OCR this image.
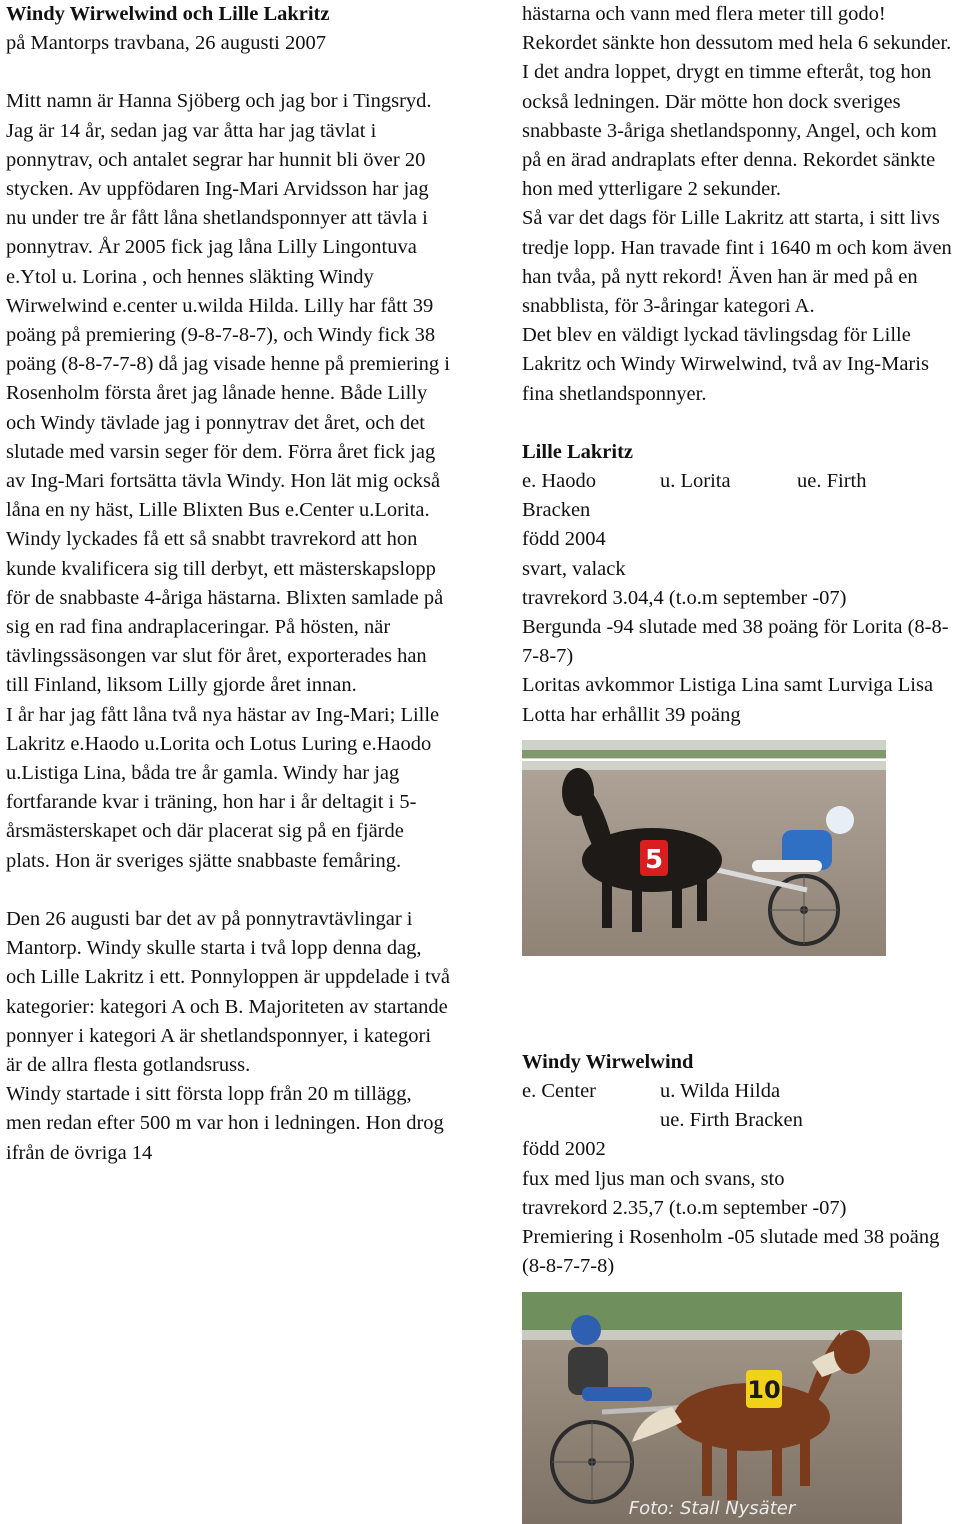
Windy Wirwelwind och Lille Lakritz

på Mantorps travbana, 26 augusti 2007

Mitt namn är Hanna Sjöberg och jag bor i Tingsryd. Jag är 14 år, sedan jag var åtta har jag tävlat i ponnytrav, och antalet segrar har hunnit bli över 20 stycken. Av uppfödaren Ing-Mari Arvidsson har jag nu under tre år fått låna shetlandsponnyer att tävla i ponnytrav. År 2005 fick jag låna Lilly Lingontuva e.Ytol u. Lorina , och hennes släkting Windy Wirwelwind e.center u.wilda Hilda. Lilly har fått 39 poäng på premiering (9-8-7-8-7), och Windy fick 38 poäng (8-8-7-7-8) då jag visade henne på premiering i Rosenholm första året jag lånade henne. Både Lilly och Windy tävlade jag i ponnytrav det året, och det slutade med varsin seger för dem. Förra året fick jag av Ing-Mari fortsätta tävla Windy. Hon lät mig också låna en ny häst, Lille Blixten Bus e.Center u.Lorita. Windy lyckades få ett så snabbt travrekord att hon kunde kvalificera sig till derbyt, ett mästerskapslopp för de snabbaste 4-åriga hästarna. Blixten samlade på sig en rad fina andraplaceringar. På hösten, när tävlingssäsongen var slut för året, exporterades han till Finland, liksom Lilly gjorde året innan.

I år har jag fått låna två nya hästar av Ing-Mari; Lille Lakritz e.Haodo u.Lorita och Lotus Luring e.Haodo u.Listiga Lina, båda tre år gamla. Windy har jag fortfarande kvar i träning, hon har i år deltagit i 5-årsmästerskapet och där placerat sig på en fjärde plats. Hon är sveriges sjätte snabbaste femåring.

Den 26 augusti bar det av på ponnytravtävlingar i Mantorp. Windy skulle starta i två lopp denna dag, och Lille Lakritz i ett. Ponnyloppen är uppdelade i två kategorier: kategori A och B. Majoriteten av startande ponnyer i kategori A är shetlandsponnyer, i kategori är de allra flesta gotlandsruss.

Windy startade i sitt första lopp från 20 m tillägg, men redan efter 500 m var hon i ledningen. Hon drog ifrån de övriga 14

hästarna och vann med flera meter till godo! Rekordet sänkte hon dessutom med hela 6 sekunder. I det andra loppet, drygt en timme efteråt, tog hon också ledningen. Där mötte hon dock sveriges snabbaste 3-åriga shetlandsponny, Angel, och kom på en ärad andraplats efter denna. Rekordet sänkte hon med ytterligare 2 sekunder.

Så var det dags för Lille Lakritz att starta, i sitt livs tredje lopp. Han travade fint i 1640 m och kom även han tvåa, på nytt rekord! Även han är med på en snabblista, för 3-åringar kategori A.

Det blev en väldigt lyckad tävlingsdag för Lille Lakritz och Windy Wirwelwind, två av Ing-Maris fina shetlandsponnyer.

Lille Lakritz

e. Haodo	u. Lorita	ue. Firth

Bracken

född 2004

svart, valack

travrekord 3.04,4 (t.o.m september -07)

Bergunda -94 slutade med 38 poäng för Lorita (8-8-7-8-7)

Loritas avkommor Listiga Lina samt Lurviga Lisa Lotta har erhållit 39 poäng

5

Windy Wirwelwind

e. Center	u. Wilda Hilda

ue. Firth Bracken

född 2002

fux med ljus man och svans, sto

travrekord 2.35,7 (t.o.m september -07)

Premiering i Rosenholm -05 slutade med 38 poäng (8-8-7-7-8)

10
Foto: Stall Nysäter
